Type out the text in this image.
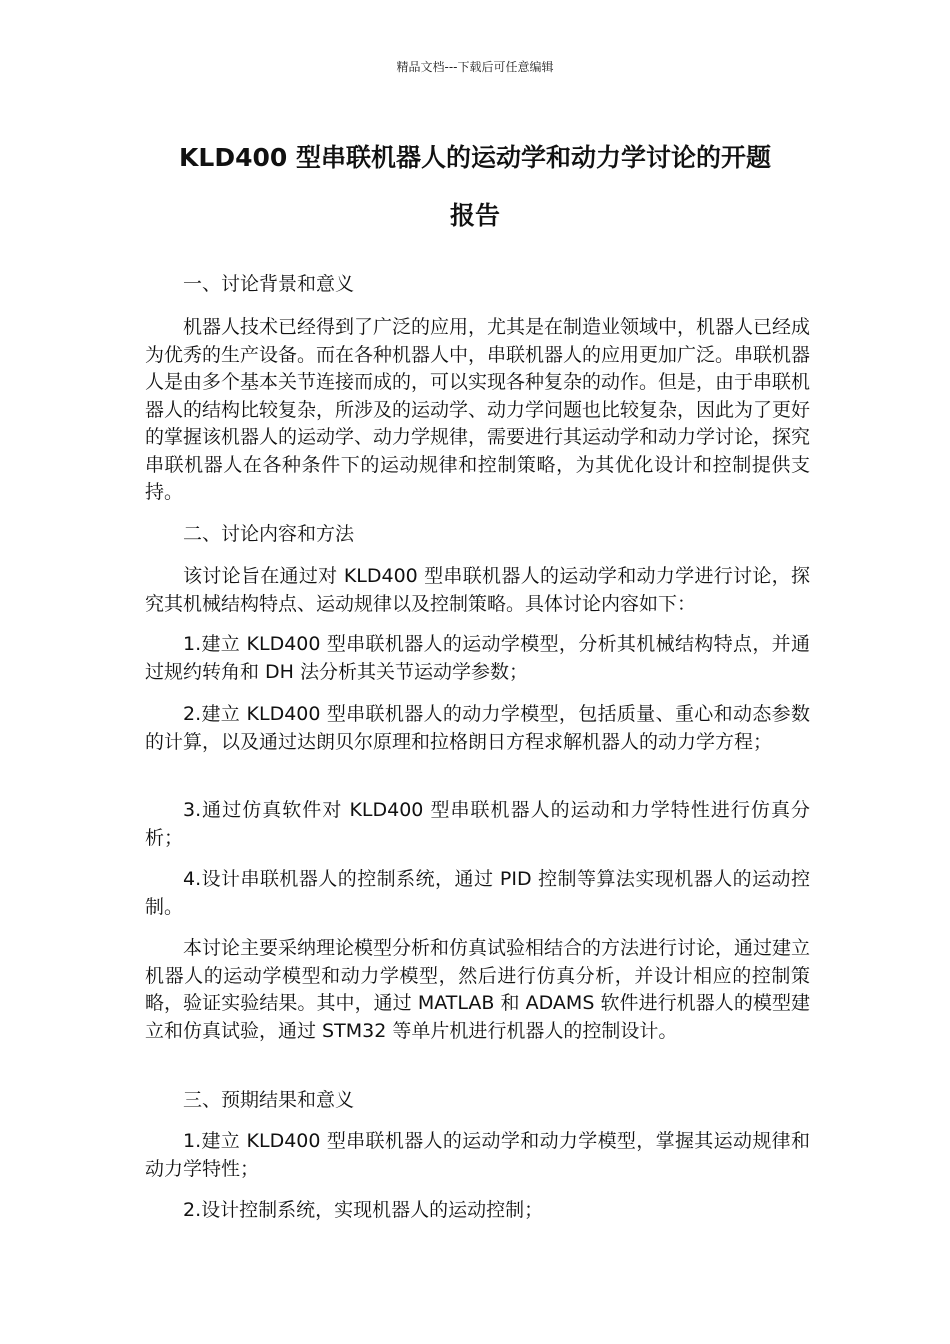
精品文档---下载后可任意编辑
KLD400 型串联机器人的运动学和动力学讨论的开题
报告

一、讨论背景和意义

机器人技术已经得到了广泛的应用，尤其是在制造业领域中，机器人已经成为优秀的生产设备。而在各种机器人中，串联机器人的应用更加广泛。串联机器人是由多个基本关节连接而成的，可以实现各种复杂的动作。但是，由于串联机器人的结构比较复杂，所涉及的运动学、动力学问题也比较复杂，因此为了更好的掌握该机器人的运动学、动力学规律，需要进行其运动学和动力学讨论，探究串联机器人在各种条件下的运动规律和控制策略，为其优化设计和控制提供支持。

二、讨论内容和方法

该讨论旨在通过对 KLD400 型串联机器人的运动学和动力学进行讨论，探究其机械结构特点、运动规律以及控制策略。具体讨论内容如下：

1.建立 KLD400 型串联机器人的运动学模型，分析其机械结构特点，并通过规约转角和 DH 法分析其关节运动学参数；

2.建立 KLD400 型串联机器人的动力学模型，包括质量、重心和动态参数的计算，以及通过达朗贝尔原理和拉格朗日方程求解机器人的动力学方程；

3.通过仿真软件对 KLD400 型串联机器人的运动和力学特性进行仿真分析；

4.设计串联机器人的控制系统，通过 PID 控制等算法实现机器人的运动控制。

本讨论主要采纳理论模型分析和仿真试验相结合的方法进行讨论，通过建立机器人的运动学模型和动力学模型，然后进行仿真分析，并设计相应的控制策略，验证实验结果。其中，通过 MATLAB 和 ADAMS 软件进行机器人的模型建立和仿真试验，通过 STM32 等单片机进行机器人的控制设计。

三、预期结果和意义

1.建立 KLD400 型串联机器人的运动学和动力学模型，掌握其运动规律和动力学特性；

2.设计控制系统，实现机器人的运动控制；
